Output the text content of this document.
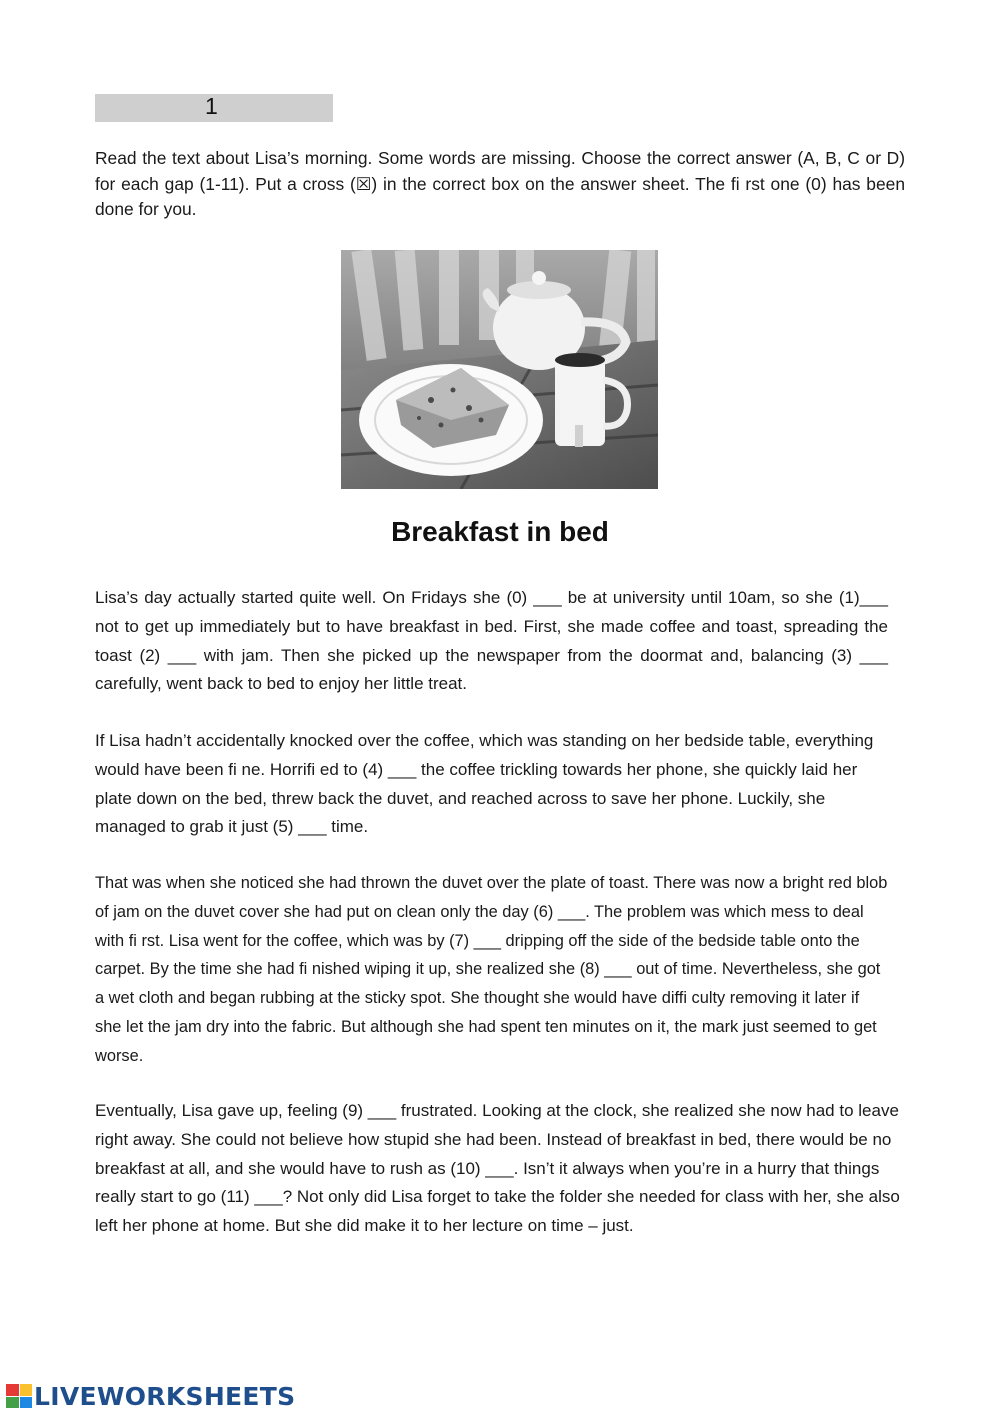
1

Read the text about Lisa’s morning. Some words are missing. Choose the correct answer (A, B, C or D) for each gap (1-11). Put a cross (☒) in the correct box on the answer sheet. The fi rst one (0) has been done for you.

Breakfast in bed

Lisa’s day actually started quite well. On Fridays she (0) ___ be at university until 10am, so she (1)___ not to get up immediately but to have breakfast in bed. First, she made coffee and toast, spreading the toast (2) ___ with jam. Then she picked up the newspaper from the doormat and, balancing (3) ___ carefully, went back to bed to enjoy her little treat.

If Lisa hadn’t accidentally knocked over the coffee, which was standing on her bedside table, everything would have been fi ne. Horrifi ed to (4) ___ the coffee trickling towards her phone, she quickly laid her plate down on the bed, threw back the duvet, and reached across to save her phone. Luckily, she managed to grab it just (5) ___ time.

That was when she noticed she had thrown the duvet over the plate of toast. There was now a bright red blob of jam on the duvet cover she had put on clean only the day (6) ___. The problem was which mess to deal with fi rst. Lisa went for the coffee, which was by (7) ___ dripping off the side of the bedside table onto the carpet. By the time she had fi nished wiping it up, she realized she (8) ___ out of time. Nevertheless, she got a wet cloth and began rubbing at the sticky spot. She thought she would have diffi culty removing it later if she let the jam dry into the fabric. But although she had spent ten minutes on it, the mark just seemed to get worse.

Eventually, Lisa gave up, feeling (9) ___ frustrated. Looking at the clock, she realized she now had to leave right away. She could not believe how stupid she had been. Instead of breakfast in bed, there would be no breakfast at all, and she would have to rush as (10) ___. Isn’t it always when you’re in a hurry that things really start to go (11) ___? Not only did Lisa forget to take the folder she needed for class with her, she also left her phone at home. But she did make it to her lecture on time – just.

LIVEWORKSHEETS
